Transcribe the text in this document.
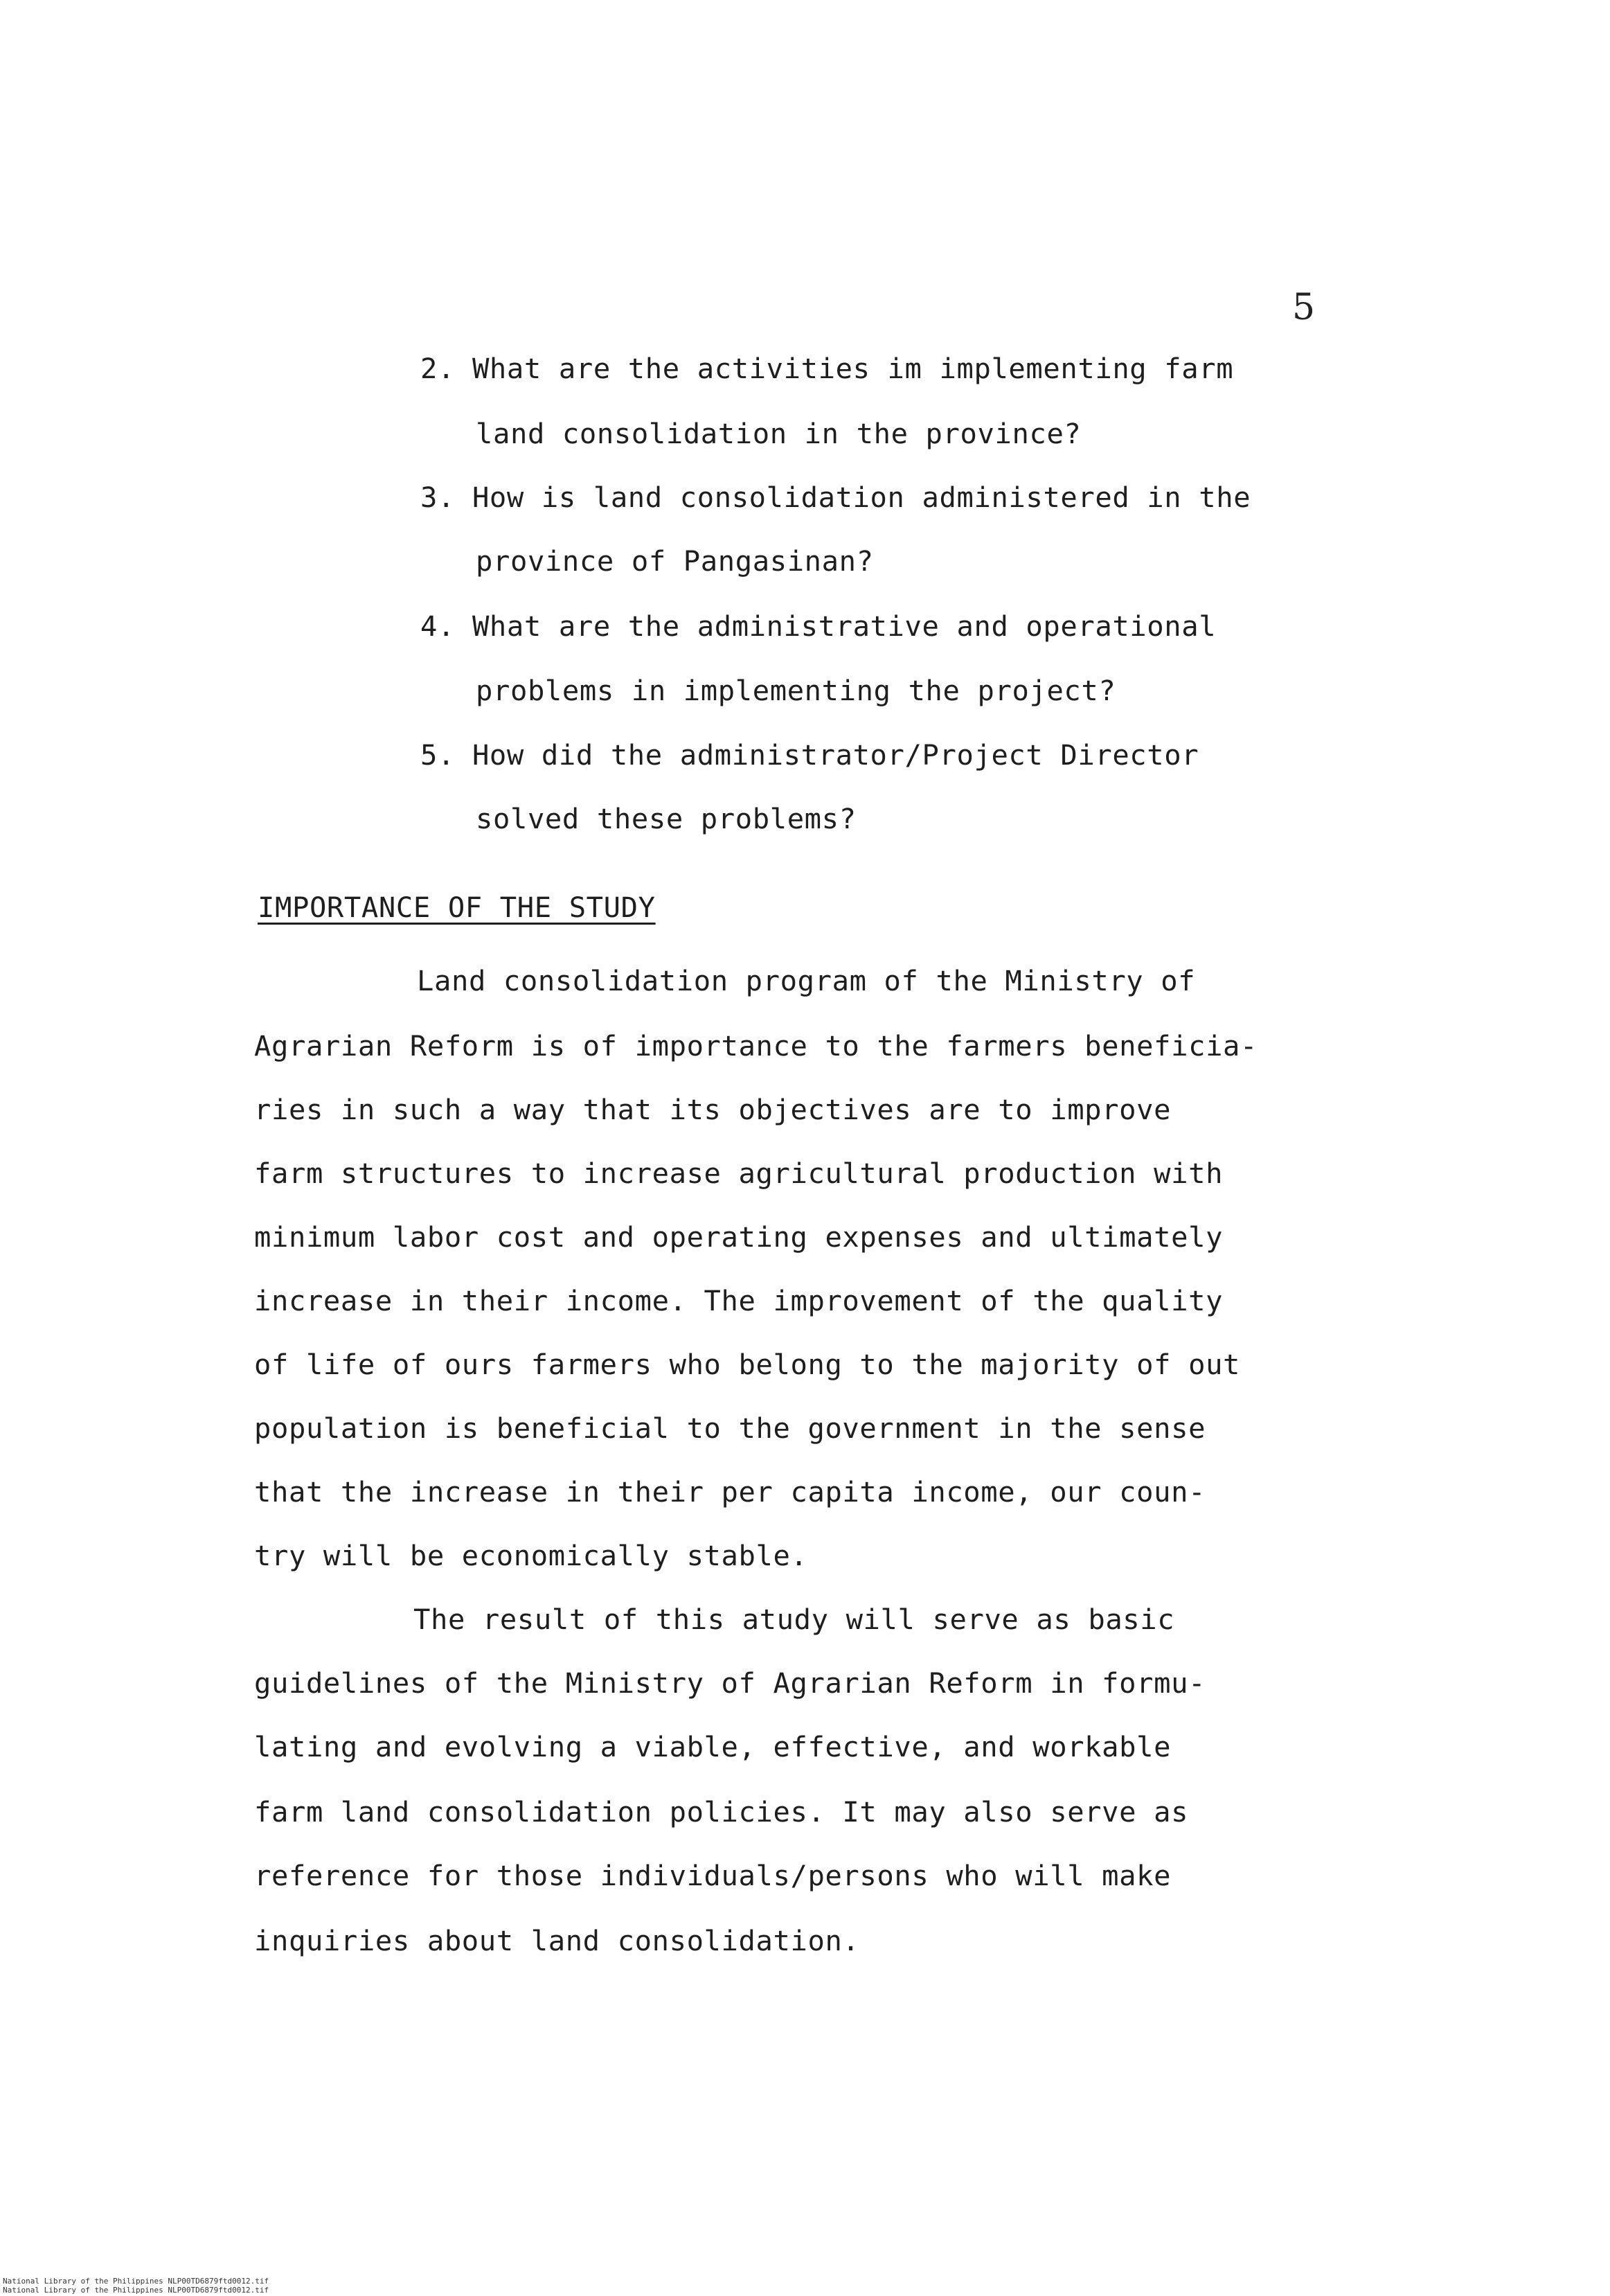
5
2. What are the activities im implementing farm
land consolidation in the province?
3. How is land consolidation administered in the
province of Pangasinan?
4. What are the administrative and operational
problems in implementing the project?
5. How did the administrator/Project Director
solved these problems?
IMPORTANCE OF THE STUDY
Land consolidation program of the Ministry of
Agrarian Reform is of importance to the farmers beneficia-
ries in such a way that its objectives are to improve
farm structures to increase agricultural production with
minimum labor cost and operating expenses and ultimately
increase in their income. The improvement of the quality
of life of ours farmers who belong to the majority of out
population is beneficial to the government in the sense
that the increase in their per capita income, our coun-
try will be economically stable.
The result of this atudy will serve as basic
guidelines of the Ministry of Agrarian Reform in formu-
lating and evolving a viable, effective, and workable
farm land consolidation policies. It may also serve as
reference for those individuals/persons who will make
inquiries about land consolidation.
National Library of the Philippines NLP00TD6879ftd0012.tif
National Library of the Philippines NLP00TD6879ftd0012.tif
